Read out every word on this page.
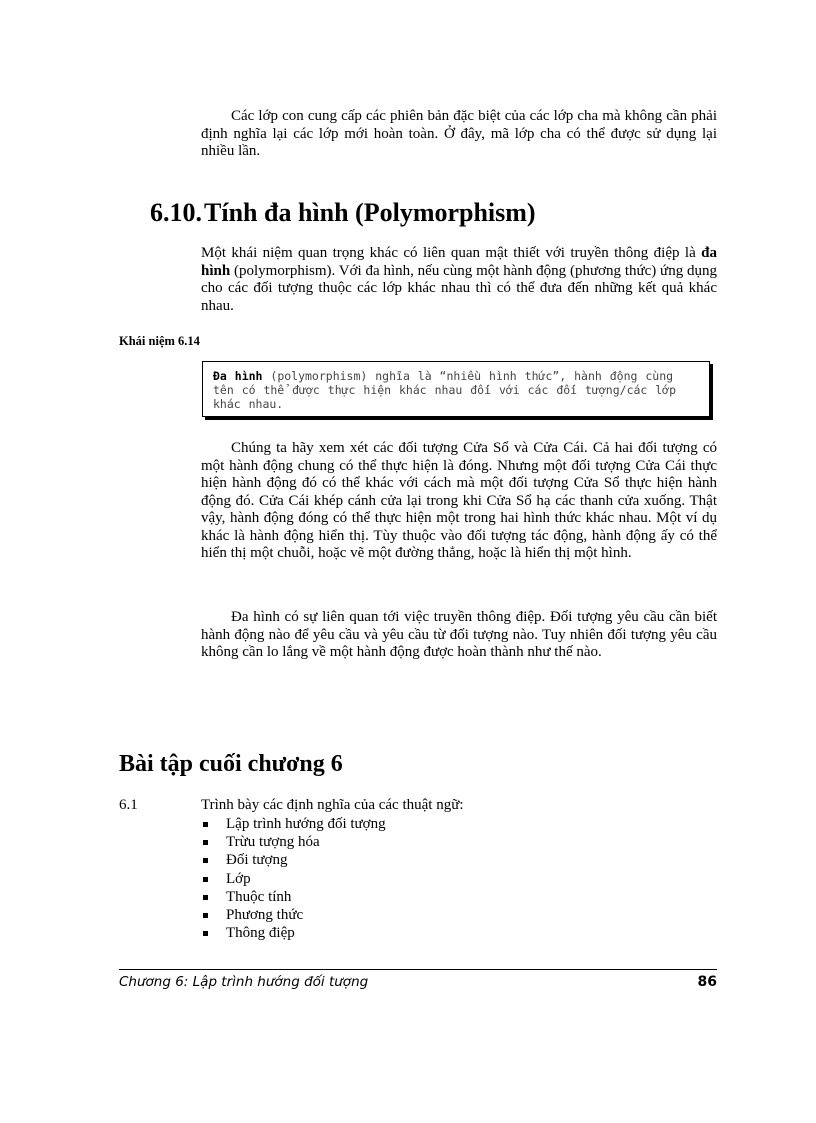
Các lớp con cung cấp các phiên bản đặc biệt của các lớp cha mà không cần phải định nghĩa lại các lớp mới hoàn toàn. Ở đây, mã lớp cha có thể được sử dụng lại nhiều lần.

6.10.Tính đa hình (Polymorphism)

Một khái niệm quan trọng khác có liên quan mật thiết với truyền thông điệp là đa hình (polymorphism). Với đa hình, nếu cùng một hành động (phương thức) ứng dụng cho các đối tượng thuộc các lớp khác nhau thì có thể đưa đến những kết quả khác nhau.

Khái niệm 6.14

Đa hình (polymorphism) nghĩa là “nhiều hình thức”, hành động cùng tên có thể được thực hiện khác nhau đối với các đối tượng/các lớp khác nhau.

Chúng ta hãy xem xét các đối tượng Cửa Sổ và Cửa Cái. Cả hai đối tượng có một hành động chung có thể thực hiện là đóng. Nhưng một đối tượng Cửa Cái thực hiện hành động đó có thể khác với cách mà một đối tượng Cửa Sổ thực hiện hành động đó. Cửa Cái khép cánh cửa lại trong khi Cửa Sổ hạ các thanh cửa xuống. Thật vậy, hành động đóng có thể thực hiện một trong hai hình thức khác nhau. Một ví dụ khác là hành động hiển thị. Tùy thuộc vào đối tượng tác động, hành động ấy có thể hiển thị một chuỗi, hoặc vẽ một đường thẳng, hoặc là hiển thị một hình.

Đa hình có sự liên quan tới việc truyền thông điệp. Đối tượng yêu cầu cần biết hành động nào để yêu cầu và yêu cầu từ đối tượng nào. Tuy nhiên đối tượng yêu cầu không cần lo lắng về một hành động được hoàn thành như thế nào.

Bài tập cuối chương 6

6.1	Trình bày các định nghĩa của các thuật ngữ:

Lập trình hướng đối tượng
Trừu tượng hóa
Đối tượng
Lớp
Thuộc tính
Phương thức
Thông điệp

Chương 6: Lập trình hướng đối tượng	86
